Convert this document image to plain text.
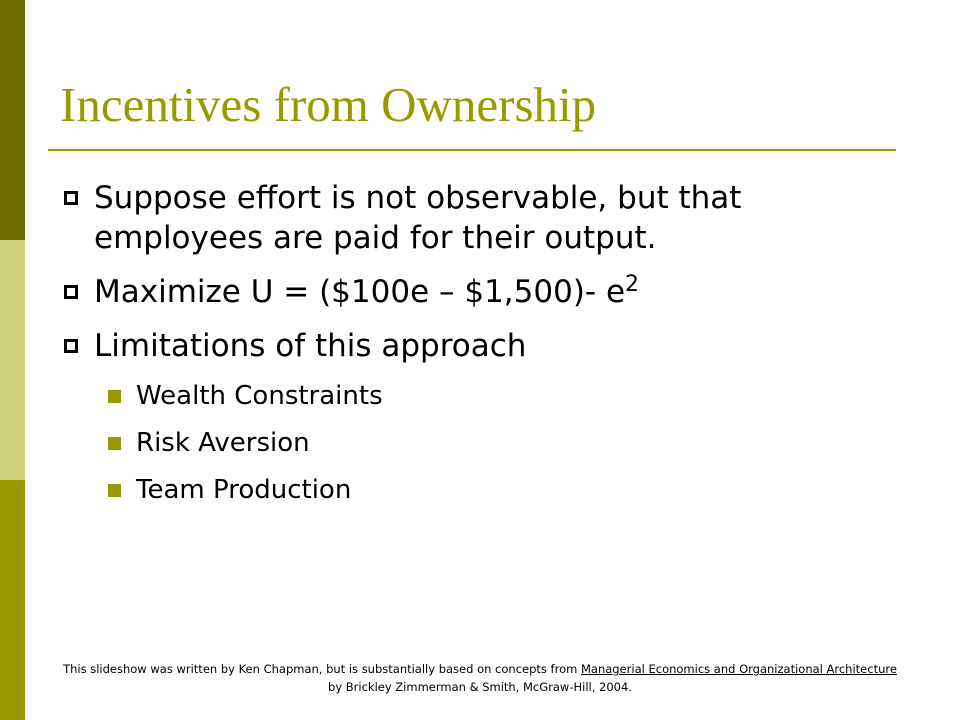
Incentives from Ownership
Suppose effort is not observable, but that employees are paid for their output.
Maximize U = ($100e – $1,500)- $e^2$
Limitations of this approach
Wealth Constraints
Risk Aversion
Team Production
This slideshow was written by Ken Chapman, but is substantially based on concepts from Managerial Economics and Organizational Architecture by Brickley Zimmerman & Smith, McGraw-Hill, 2004.
